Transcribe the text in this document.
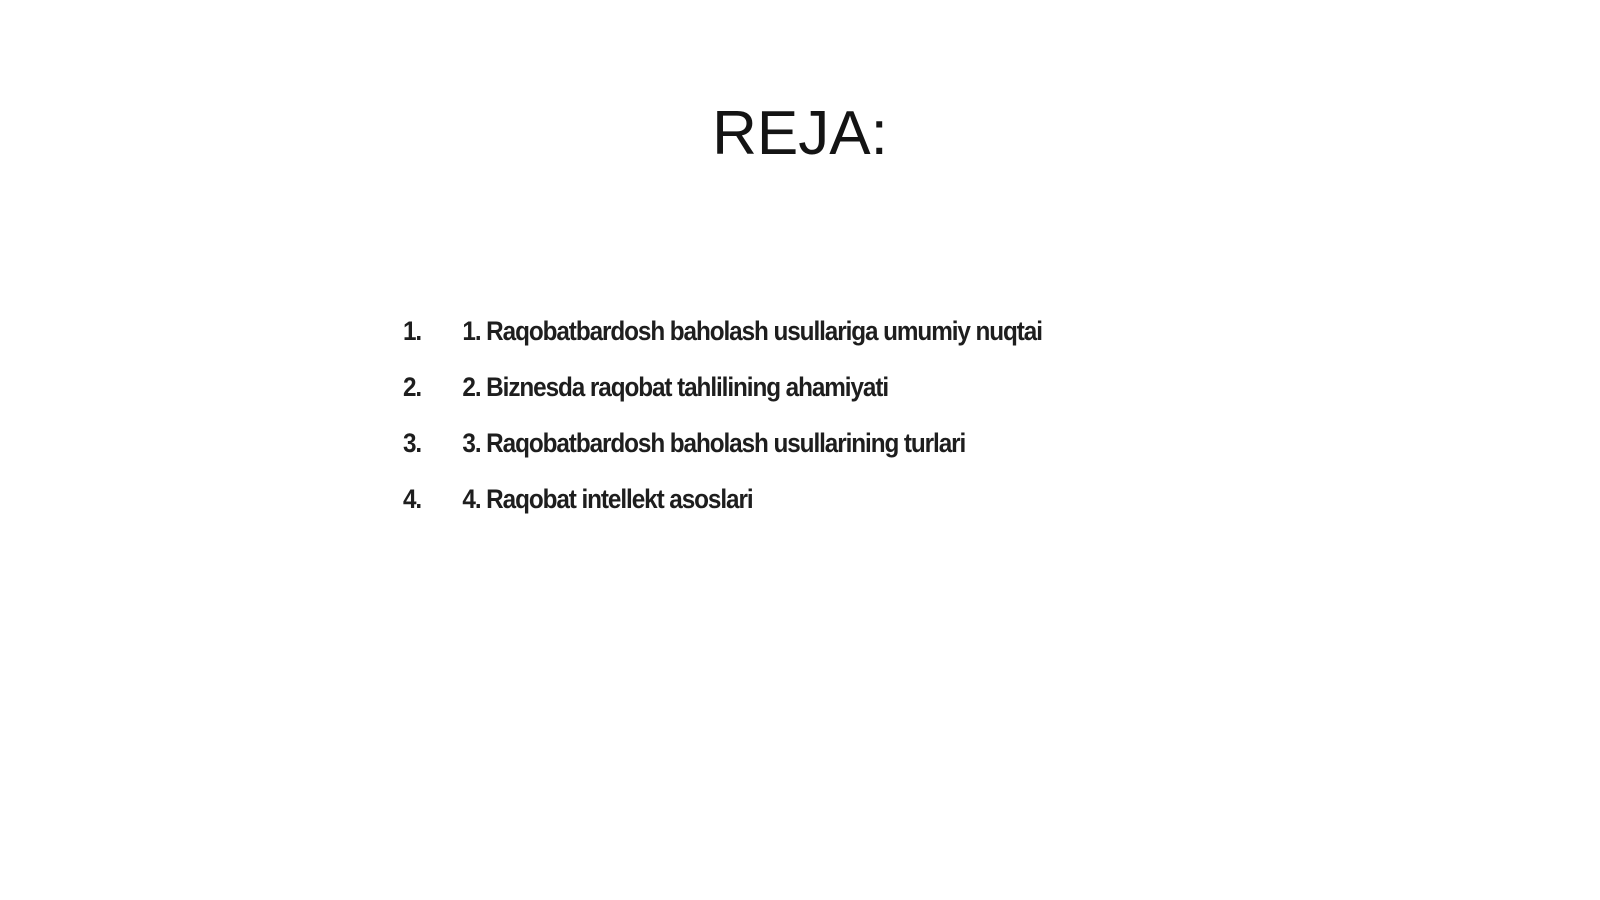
REJA:
1.	1. Raqobatbardosh baholash usullariga umumiy nuqtai
2.	2. Biznesda raqobat tahlilining ahamiyati
3.	3. Raqobatbardosh baholash usullarining turlari
4.	4. Raqobat intellekt asoslari
